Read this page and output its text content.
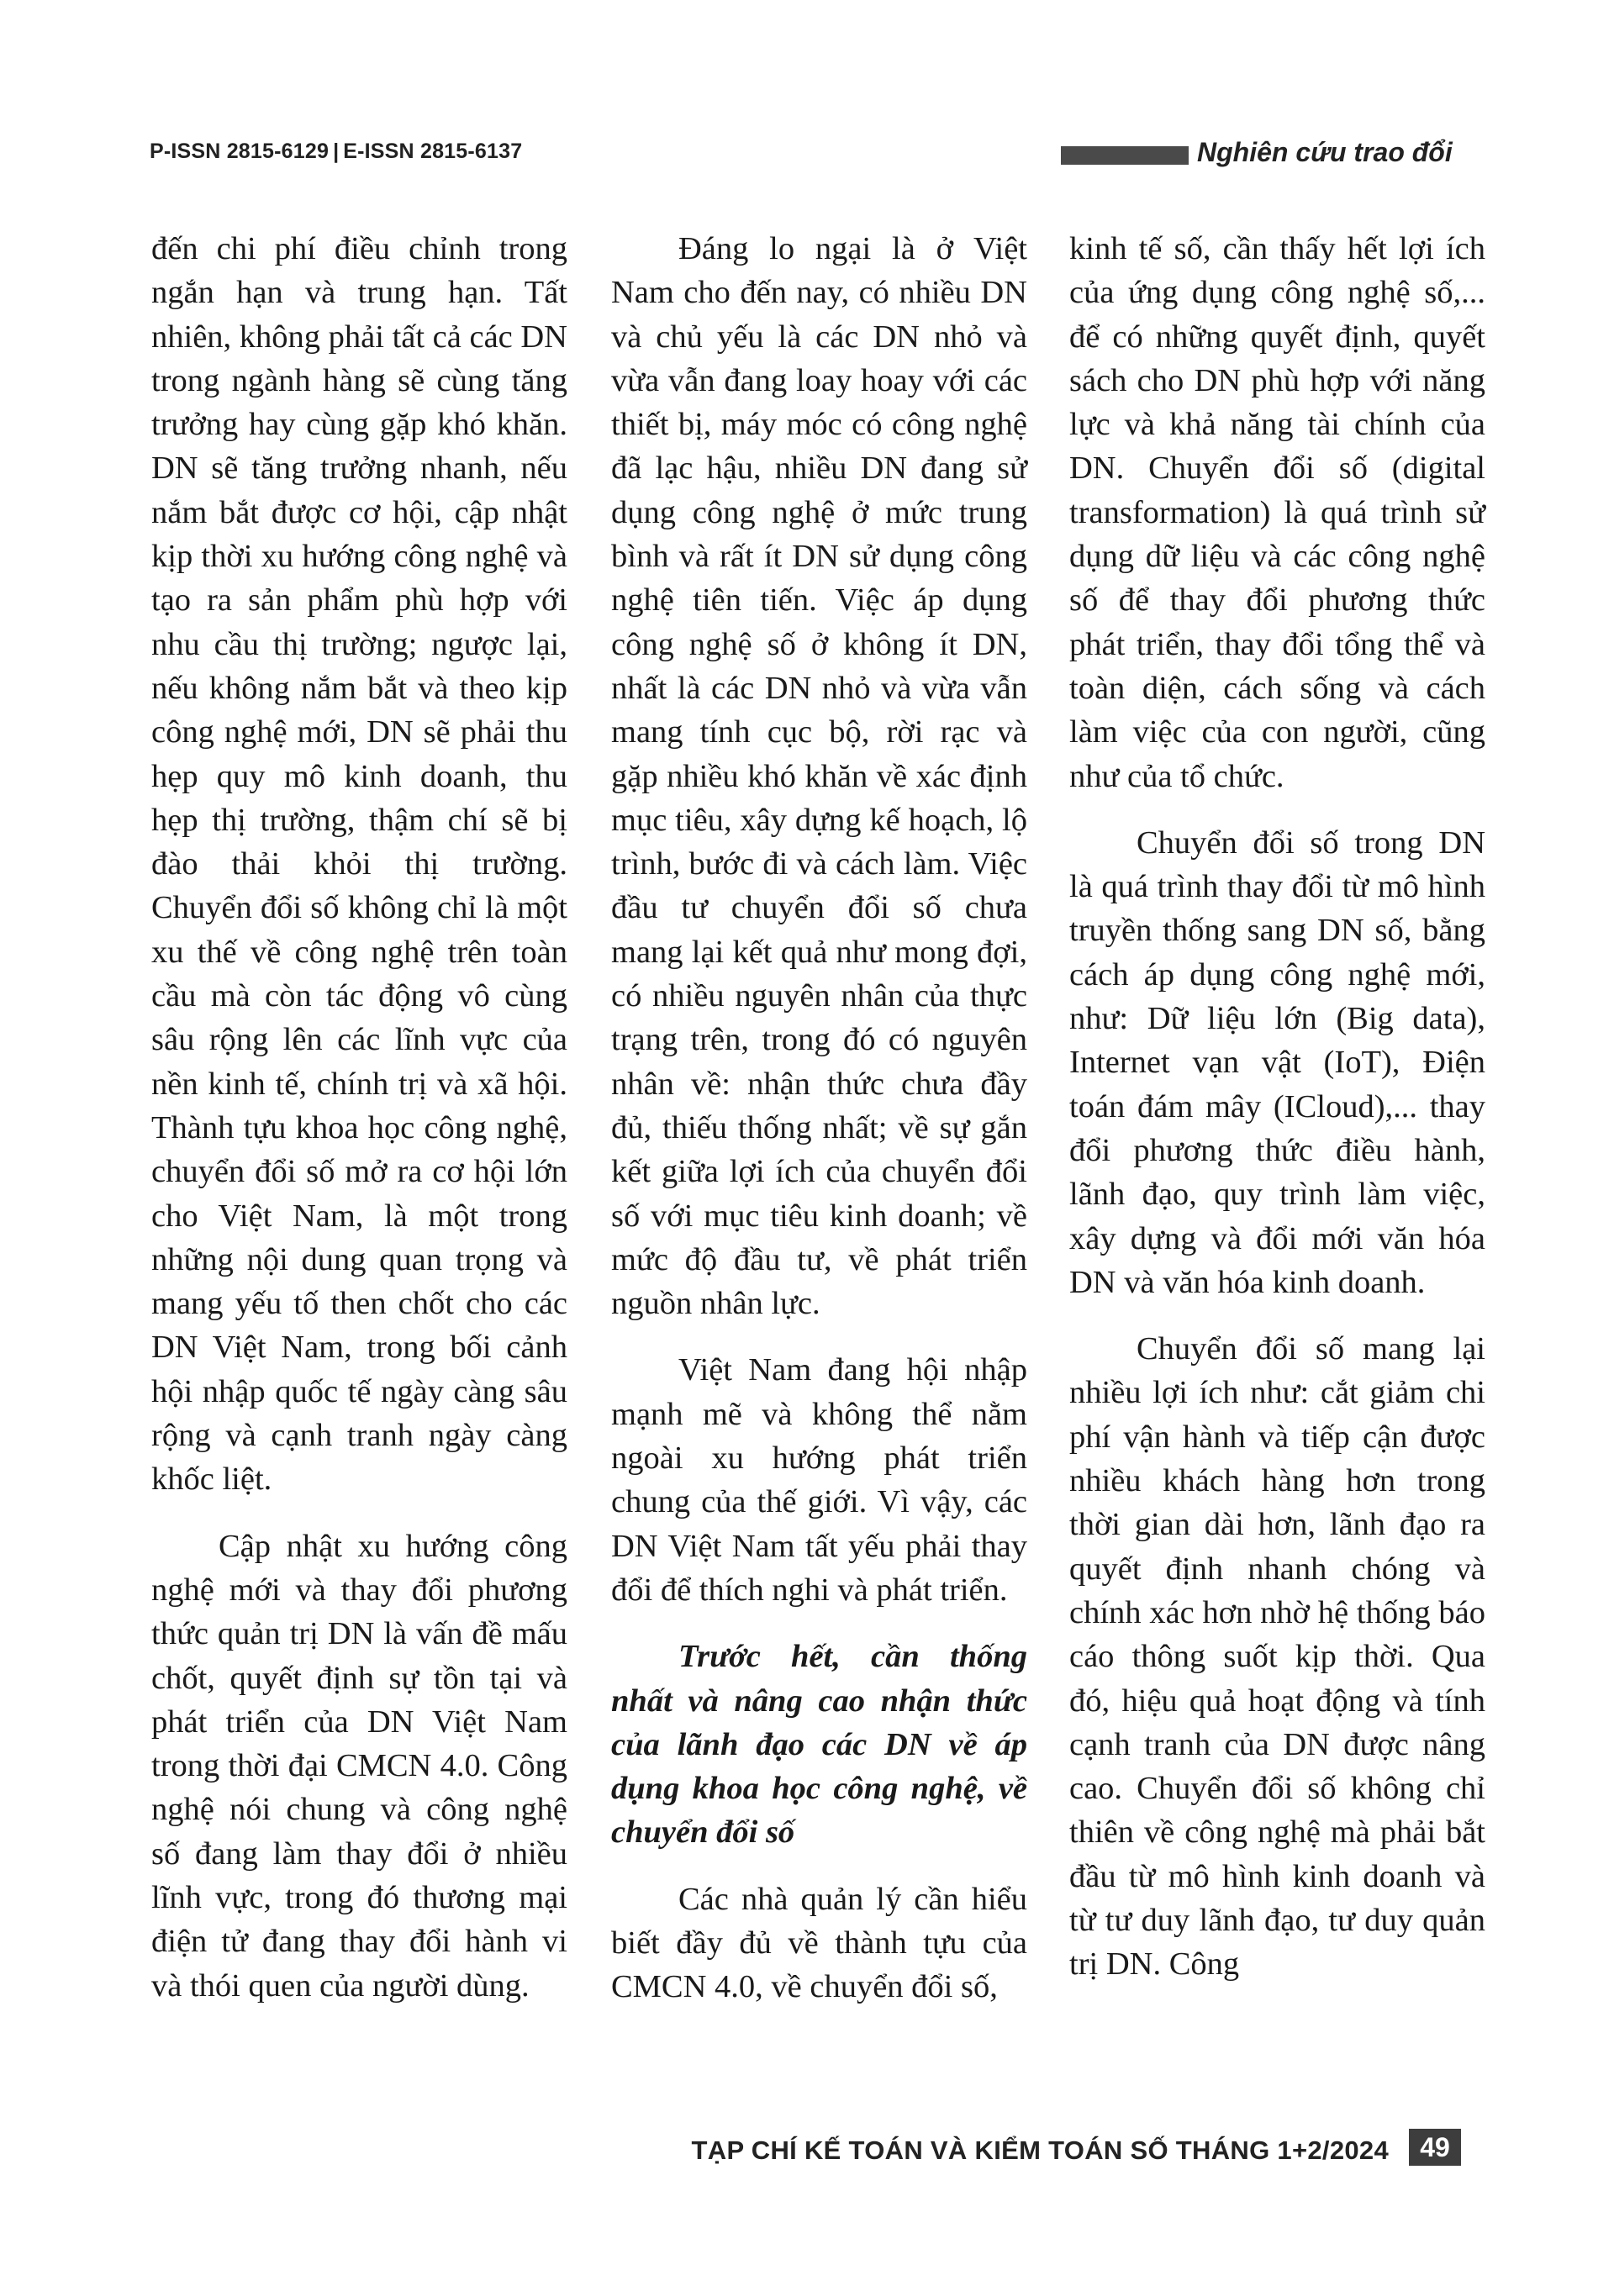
P-ISSN 2815-6129 | E-ISSN 2815-6137	Nghiên cứu trao đổi

đến chi phí điều chỉnh trong ngắn hạn và trung hạn. Tất nhiên, không phải tất cả các DN trong ngành hàng sẽ cùng tăng trưởng hay cùng gặp khó khăn. DN sẽ tăng trưởng nhanh, nếu nắm bắt được cơ hội, cập nhật kịp thời xu hướng công nghệ và tạo ra sản phẩm phù hợp với nhu cầu thị trường; ngược lại, nếu không nắm bắt và theo kịp công nghệ mới, DN sẽ phải thu hẹp quy mô kinh doanh, thu hẹp thị trường, thậm chí sẽ bị đào thải khỏi thị trường. Chuyển đổi số không chỉ là một xu thế về công nghệ trên toàn cầu mà còn tác động vô cùng sâu rộng lên các lĩnh vực của nền kinh tế, chính trị và xã hội. Thành tựu khoa học công nghệ, chuyển đổi số mở ra cơ hội lớn cho Việt Nam, là một trong những nội dung quan trọng và mang yếu tố then chốt cho các DN Việt Nam, trong bối cảnh hội nhập quốc tế ngày càng sâu rộng và cạnh tranh ngày càng khốc liệt.

Cập nhật xu hướng công nghệ mới và thay đổi phương thức quản trị DN là vấn đề mấu chốt, quyết định sự tồn tại và phát triển của DN Việt Nam trong thời đại CMCN 4.0. Công nghệ nói chung và công nghệ số đang làm thay đổi ở nhiều lĩnh vực, trong đó thương mại điện tử đang thay đổi hành vi và thói quen của người dùng.

Đáng lo ngại là ở Việt Nam cho đến nay, có nhiều DN và chủ yếu là các DN nhỏ và vừa vẫn đang loay hoay với các thiết bị, máy móc có công nghệ đã lạc hậu, nhiều DN đang sử dụng công nghệ ở mức trung bình và rất ít DN sử dụng công nghệ tiên tiến. Việc áp dụng công nghệ số ở không ít DN, nhất là các DN nhỏ và vừa vẫn mang tính cục bộ, rời rạc và gặp nhiều khó khăn về xác định mục tiêu, xây dựng kế hoạch, lộ trình, bước đi và cách làm. Việc đầu tư chuyển đổi số chưa mang lại kết quả như mong đợi, có nhiều nguyên nhân của thực trạng trên, trong đó có nguyên nhân về: nhận thức chưa đầy đủ, thiếu thống nhất; về sự gắn kết giữa lợi ích của chuyển đổi số với mục tiêu kinh doanh; về mức độ đầu tư, về phát triển nguồn nhân lực.

Việt Nam đang hội nhập mạnh mẽ và không thể nằm ngoài xu hướng phát triển chung của thế giới. Vì vậy, các DN Việt Nam tất yếu phải thay đổi để thích nghi và phát triển.

Trước hết, cần thống nhất và nâng cao nhận thức của lãnh đạo các DN về áp dụng khoa học công nghệ, về chuyển đổi số

Các nhà quản lý cần hiểu biết đầy đủ về thành tựu của CMCN 4.0, về chuyển đổi số,

kinh tế số, cần thấy hết lợi ích của ứng dụng công nghệ số,... để có những quyết định, quyết sách cho DN phù hợp với năng lực và khả năng tài chính của DN. Chuyển đổi số (digital transformation) là quá trình sử dụng dữ liệu và các công nghệ số để thay đổi phương thức phát triển, thay đổi tổng thể và toàn diện, cách sống và cách làm việc của con người, cũng như của tổ chức.

Chuyển đổi số trong DN là quá trình thay đổi từ mô hình truyền thống sang DN số, bằng cách áp dụng công nghệ mới, như: Dữ liệu lớn (Big data), Internet vạn vật (IoT), Điện toán đám mây (ICloud),... thay đổi phương thức điều hành, lãnh đạo, quy trình làm việc, xây dựng và đổi mới văn hóa DN và văn hóa kinh doanh.

Chuyển đổi số mang lại nhiều lợi ích như: cắt giảm chi phí vận hành và tiếp cận được nhiều khách hàng hơn trong thời gian dài hơn, lãnh đạo ra quyết định nhanh chóng và chính xác hơn nhờ hệ thống báo cáo thông suốt kịp thời. Qua đó, hiệu quả hoạt động và tính cạnh tranh của DN được nâng cao. Chuyển đổi số không chỉ thiên về công nghệ mà phải bắt đầu từ mô hình kinh doanh và từ tư duy lãnh đạo, tư duy quản trị DN. Công

TẠP CHÍ KẾ TOÁN VÀ KIỂM TOÁN SỐ THÁNG 1+2/2024	49
